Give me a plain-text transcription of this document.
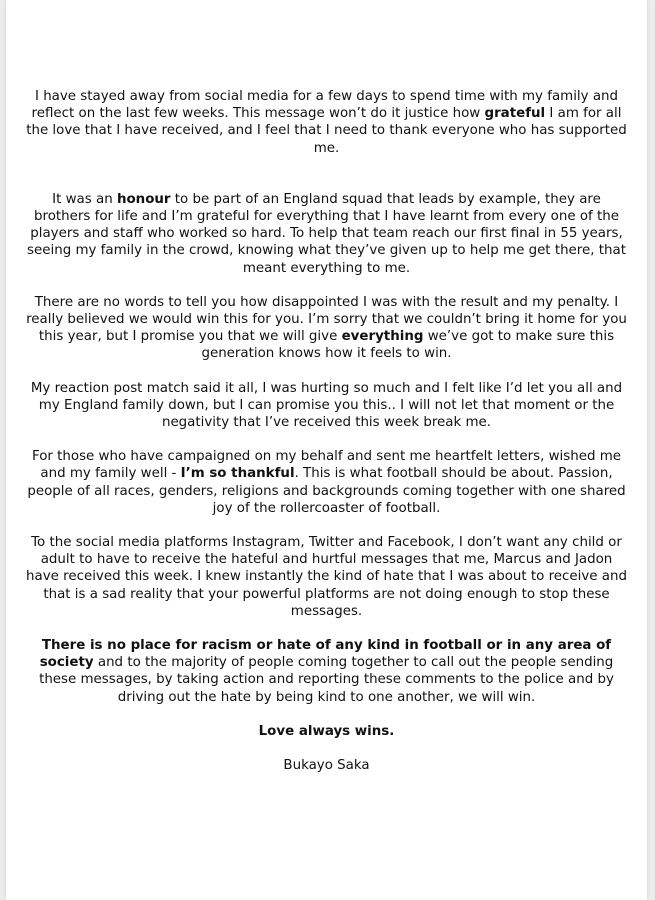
I have stayed away from social media for a few days to spend time with my family and reflect on the last few weeks. This message won’t do it justice how grateful I am for all the love that I have received, and I feel that I need to thank everyone who has supported me.

It was an honour to be part of an England squad that leads by example, they are brothers for life and I’m grateful for everything that I have learnt from every one of the players and staff who worked so hard. To help that team reach our first final in 55 years, seeing my family in the crowd, knowing what they’ve given up to help me get there, that meant everything to me.

There are no words to tell you how disappointed I was with the result and my penalty. I really believed we would win this for you. I’m sorry that we couldn’t bring it home for you this year, but I promise you that we will give everything we’ve got to make sure this generation knows how it feels to win.

My reaction post match said it all, I was hurting so much and I felt like I’d let you all and my England family down, but I can promise you this.. I will not let that moment or the negativity that I’ve received this week break me.

For those who have campaigned on my behalf and sent me heartfelt letters, wished me and my family well - I’m so thankful. This is what football should be about. Passion, people of all races, genders, religions and backgrounds coming together with one shared joy of the rollercoaster of football.

To the social media platforms Instagram, Twitter and Facebook, I don’t want any child or adult to have to receive the hateful and hurtful messages that me, Marcus and Jadon have received this week. I knew instantly the kind of hate that I was about to receive and that is a sad reality that your powerful platforms are not doing enough to stop these messages.

There is no place for racism or hate of any kind in football or in any area of society and to the majority of people coming together to call out the people sending these messages, by taking action and reporting these comments to the police and by driving out the hate by being kind to one another, we will win.

Love always wins.

Bukayo Saka
